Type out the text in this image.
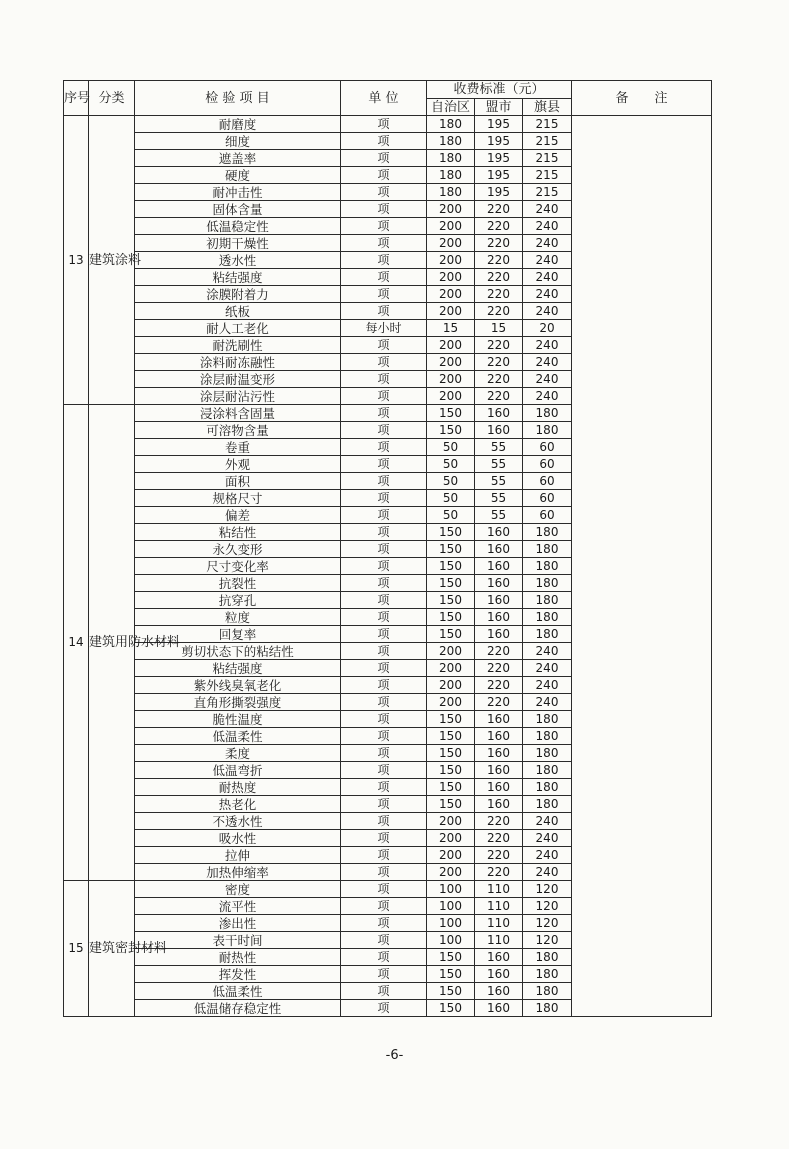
序号	分类	检 验 项 目	单 位	收费标准（元）			备　　注
				自治区	盟市	旗县	
13	建筑涂料	耐磨度	项	180	195	215	
		细度	项	180	195	215	
		遮盖率	项	180	195	215	
		硬度	项	180	195	215	
		耐冲击性	项	180	195	215	
		固体含量	项	200	220	240	
		低温稳定性	项	200	220	240	
		初期干燥性	项	200	220	240	
		透水性	项	200	220	240	
		粘结强度	项	200	220	240	
		涂膜附着力	项	200	220	240	
		纸板	项	200	220	240	
		耐人工老化	每小时	15	15	20	
		耐洗刷性	项	200	220	240	
		涂料耐冻融性	项	200	220	240	
		涂层耐温变形	项	200	220	240	
		涂层耐沾污性	项	200	220	240	
14	建筑用防水材料	浸涂料含固量	项	150	160	180	
		可溶物含量	项	150	160	180	
		卷重	项	50	55	60	
		外观	项	50	55	60	
		面积	项	50	55	60	
		规格尺寸	项	50	55	60	
		偏差	项	50	55	60	
		粘结性	项	150	160	180	
		永久变形	项	150	160	180	
		尺寸变化率	项	150	160	180	
		抗裂性	项	150	160	180	
		抗穿孔	项	150	160	180	
		粒度	项	150	160	180	
		回复率	项	150	160	180	
		剪切状态下的粘结性	项	200	220	240	
		粘结强度	项	200	220	240	
		紫外线臭氧老化	项	200	220	240	
		直角形撕裂强度	项	200	220	240	
		脆性温度	项	150	160	180	
		低温柔性	项	150	160	180	
		柔度	项	150	160	180	
		低温弯折	项	150	160	180	
		耐热度	项	150	160	180	
		热老化	项	150	160	180	
		不透水性	项	200	220	240	
		吸水性	项	200	220	240	
		拉伸	项	200	220	240	
		加热伸缩率	项	200	220	240	
15	建筑密封材料	密度	项	100	110	120	
		流平性	项	100	110	120	
		渗出性	项	100	110	120	
		表干时间	项	100	110	120	
		耐热性	项	150	160	180	
		挥发性	项	150	160	180	
		低温柔性	项	150	160	180	
		低温储存稳定性	项	150	160	180	
-6-
